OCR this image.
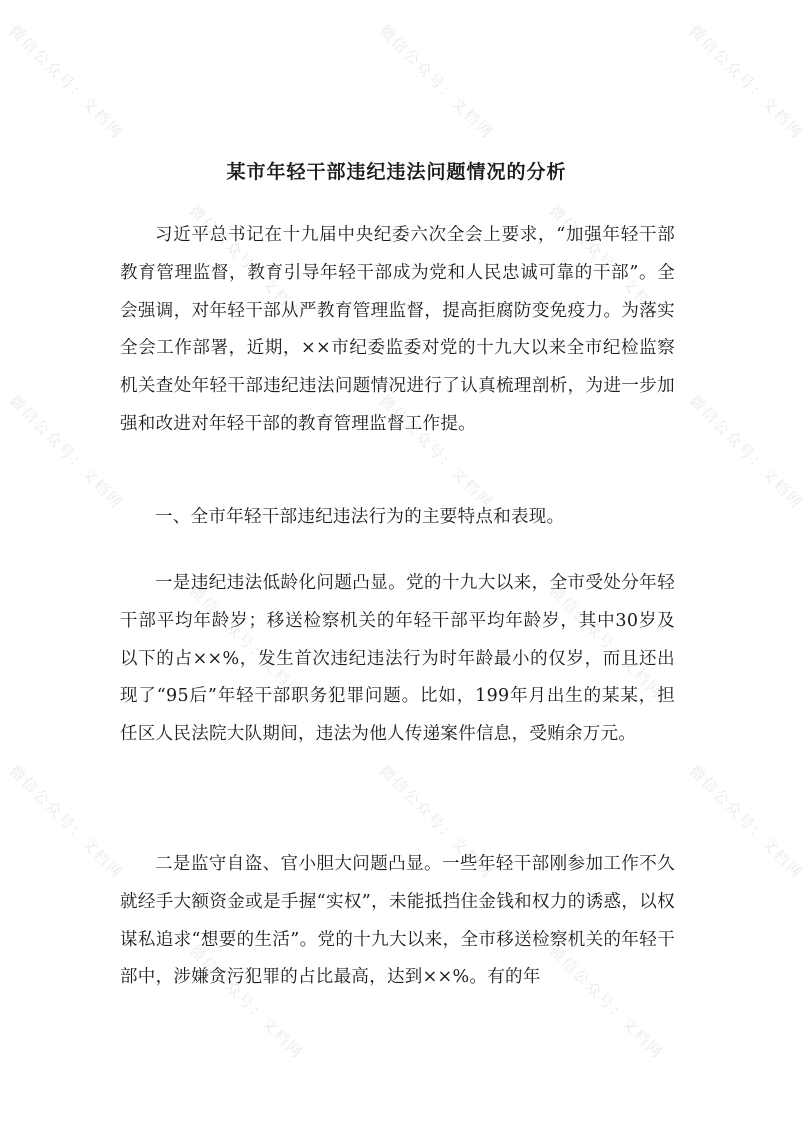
微信公众号：文档网	微信公众号：文档网	微信公众号：文档网
微信公众号：文档网	微信公众号：文档网
微信公众号：文档网	微信公众号：文档网	微信公众号：文档网
微信公众号：文档网	微信公众号：文档网
微信公众号：文档网	微信公众号：文档网	微信公众号：文档网
微信公众号：文档网	微信公众号：文档网
某市年轻干部违纪违法问题情况的分析
习近平总书记在十九届中央纪委六次全会上要求，“加强年轻干部教育管理监督，教育引导年轻干部成为党和人民忠诚可靠的干部”。全会强调，对年轻干部从严教育管理监督，提高拒腐防变免疫力。为落实全会工作部署，近期，××市纪委监委对党的十九大以来全市纪检监察机关查处年轻干部违纪违法问题情况进行了认真梳理剖析，为进一步加强和改进对年轻干部的教育管理监督工作提。
一、全市年轻干部违纪违法行为的主要特点和表现。
一是违纪违法低龄化问题凸显。党的十九大以来，全市受处分年轻干部平均年龄岁；移送检察机关的年轻干部平均年龄岁，其中30岁及以下的占××%，发生首次违纪违法行为时年龄最小的仅岁，而且还出现了“95后”年轻干部职务犯罪问题。比如，199年月出生的某某，担任区人民法院大队期间，违法为他人传递案件信息，受贿余万元。
二是监守自盗、官小胆大问题凸显。一些年轻干部刚参加工作不久就经手大额资金或是手握“实权”，未能抵挡住金钱和权力的诱惑，以权谋私追求“想要的生活”。党的十九大以来，全市移送检察机关的年轻干部中，涉嫌贪污犯罪的占比最高，达到××%。有的年
